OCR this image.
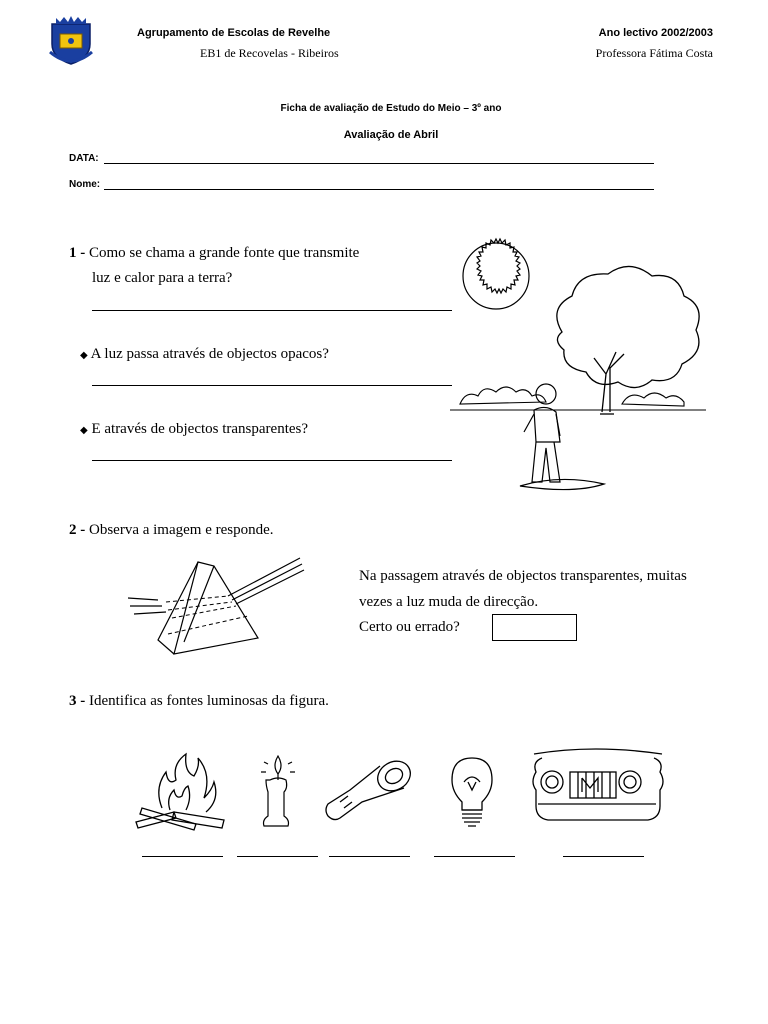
Agrupamento de Escolas de Revelhe
EB1 de Recovelas - Ribeiros
Ano lectivo 2002/2003
Professora Fátima Costa
Ficha de avaliação de Estudo do Meio – 3º ano
Avaliação de Abril
DATA:
Nome:
1 - Como se chama a grande fonte que transmite
luz e calor para a terra?
◆ A luz passa através de objectos opacos?
◆ E através de objectos transparentes?
2 - Observa a imagem e responde.
Na passagem através de objectos transparentes, muitas
vezes a luz muda de direcção.
Certo ou errado?
3 - Identifica as fontes luminosas da figura.
